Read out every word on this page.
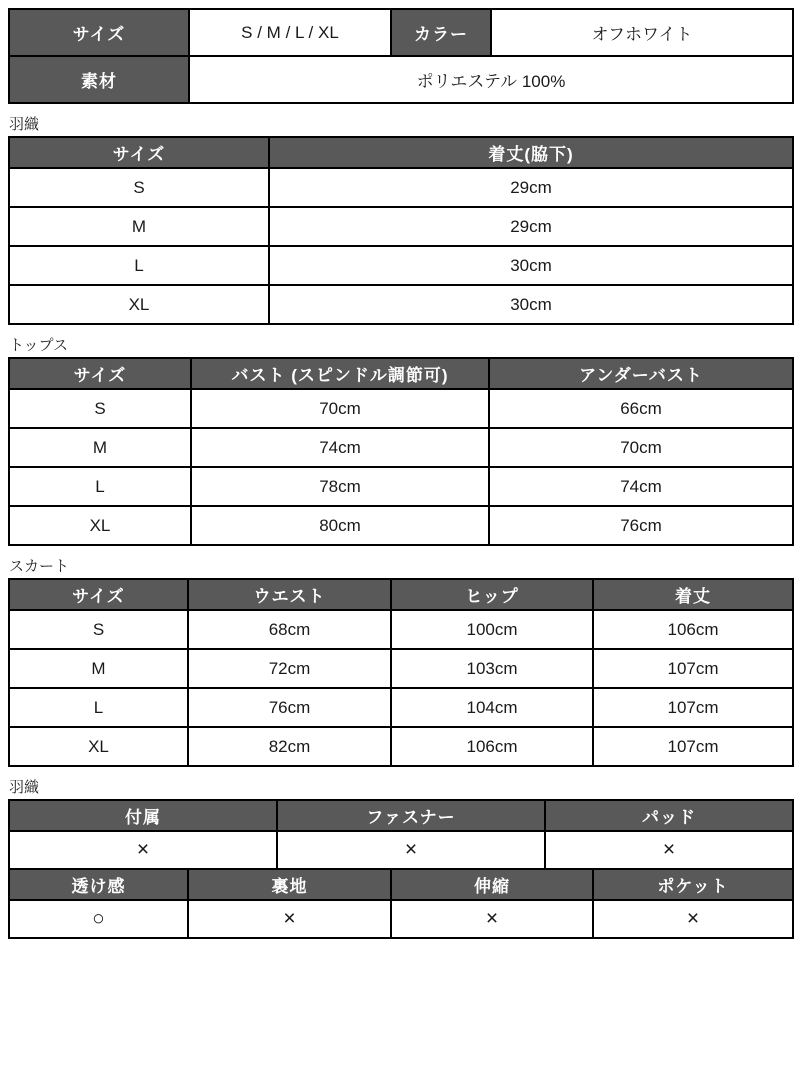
サイズ	S / M / L / XL	カラー	オフホワイト
素材	ポリエステル 100%		
羽織
サイズ	着丈(脇下)
S	29cm
M	29cm
L	30cm
XL	30cm
トップス
サイズ	バスト (スピンドル調節可)	アンダーバスト
S	70cm	66cm
M	74cm	70cm
L	78cm	74cm
XL	80cm	76cm
スカート
サイズ	ウエスト	ヒップ	着丈
S	68cm	100cm	106cm
M	72cm	103cm	107cm
L	76cm	104cm	107cm
XL	82cm	106cm	107cm
羽織
付属	ファスナー	パッド
×	×	×
透け感	裏地	伸縮	ポケット
○	×	×	×
